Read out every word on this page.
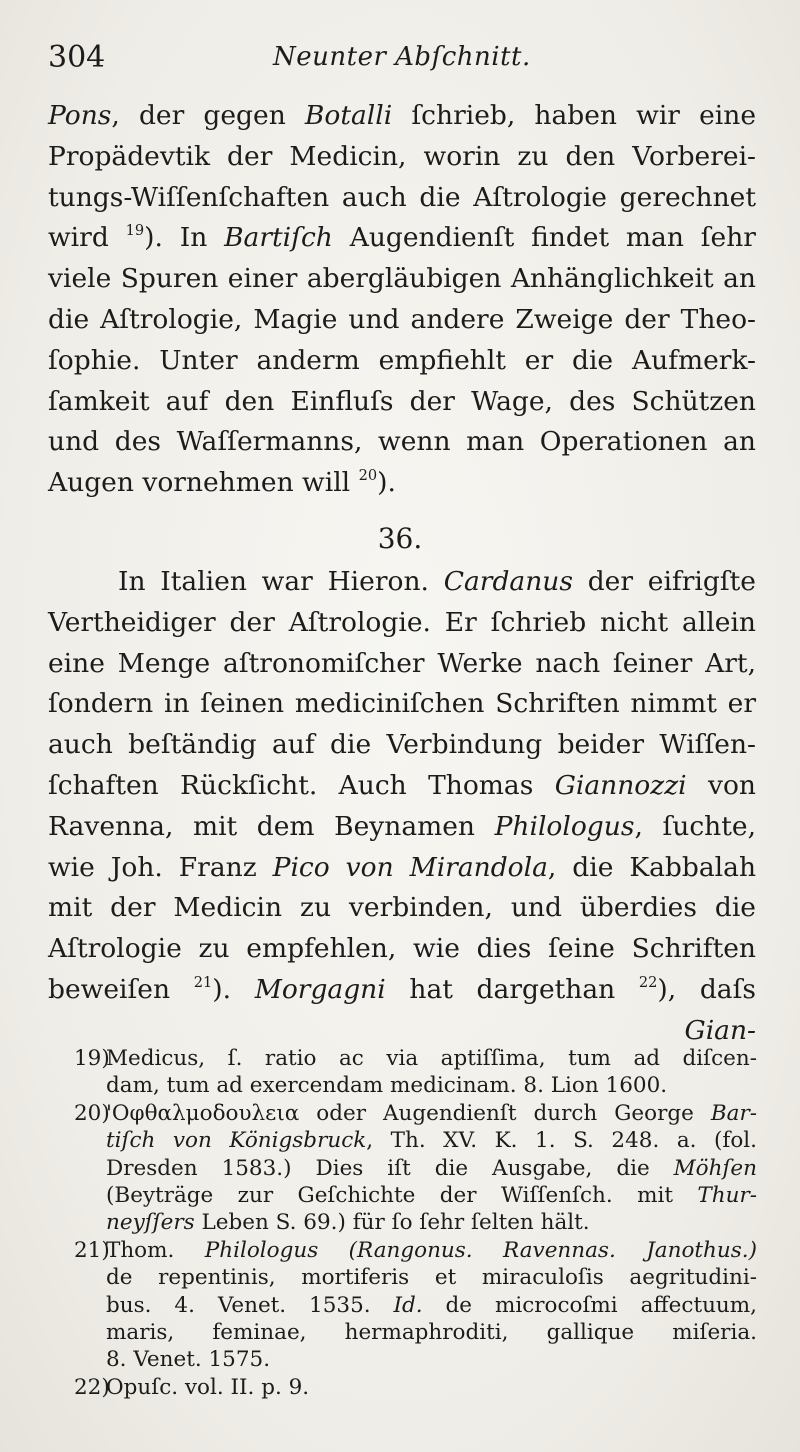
304	Neunter Abſchnitt.
Pons, der gegen Botalli ſchrieb, haben wir eine
Propädevtik der Medicin, worin zu den Vorberei-
tungs-Wiſſenſchaften auch die Aſtrologie gerechnet
wird $^{19}$). In Bartiſch Augendienſt findet man ſehr
viele Spuren einer abergläubigen Anhänglichkeit an
die Aſtrologie, Magie und andere Zweige der Theo-
ſophie. Unter anderm empfiehlt er die Aufmerk-
ſamkeit auf den Einfluſs der Wage, des Schützen
und des Waſſermanns, wenn man Operationen an
Augen vornehmen will $^{20}$).
36.
In Italien war Hieron. Cardanus der eifrigſte
Vertheidiger der Aſtrologie. Er ſchrieb nicht allein
eine Menge aſtronomiſcher Werke nach ſeiner Art,
ſondern in ſeinen mediciniſchen Schriften nimmt er
auch beſtändig auf die Verbindung beider Wiſſen-
ſchaften Rückſicht. Auch Thomas Giannozzi von
Ravenna, mit dem Beynamen Philologus, ſuchte,
wie Joh. Franz Pico von Mirandola, die Kabbalah
mit der Medicin zu verbinden, und überdies die
Aſtrologie zu empfehlen, wie dies ſeine Schriften
beweiſen $^{21}$). Morgagni hat dargethan $^{22}$), daſs
Gian-
19)
Medicus, ſ. ratio ac via aptiſſima, tum ad diſcen-
dam, tum ad exercendam medicinam. 8. Lion 1600.
20)
'Οφθαλμοδουλεια oder Augendienſt durch George Bar-
tiſch von Königsbruck, Th. XV. K. 1. S. 248. a. (fol.
Dresden 1583.) Dies iſt die Ausgabe, die Möhſen
(Beyträge zur Geſchichte der Wiſſenſch. mit Thur-
neyſſers Leben S. 69.) für ſo ſehr ſelten hält.
21)
Thom. Philologus (Rangonus. Ravennas. Janothus.)
de repentinis, mortiferis et miraculoſis aegritudini-
bus. 4. Venet. 1535. Id. de microcoſmi affectuum,
maris, feminae, hermaphroditi, gallique miſeria.
8. Venet. 1575.
22)
Opuſc. vol. II. p. 9.
